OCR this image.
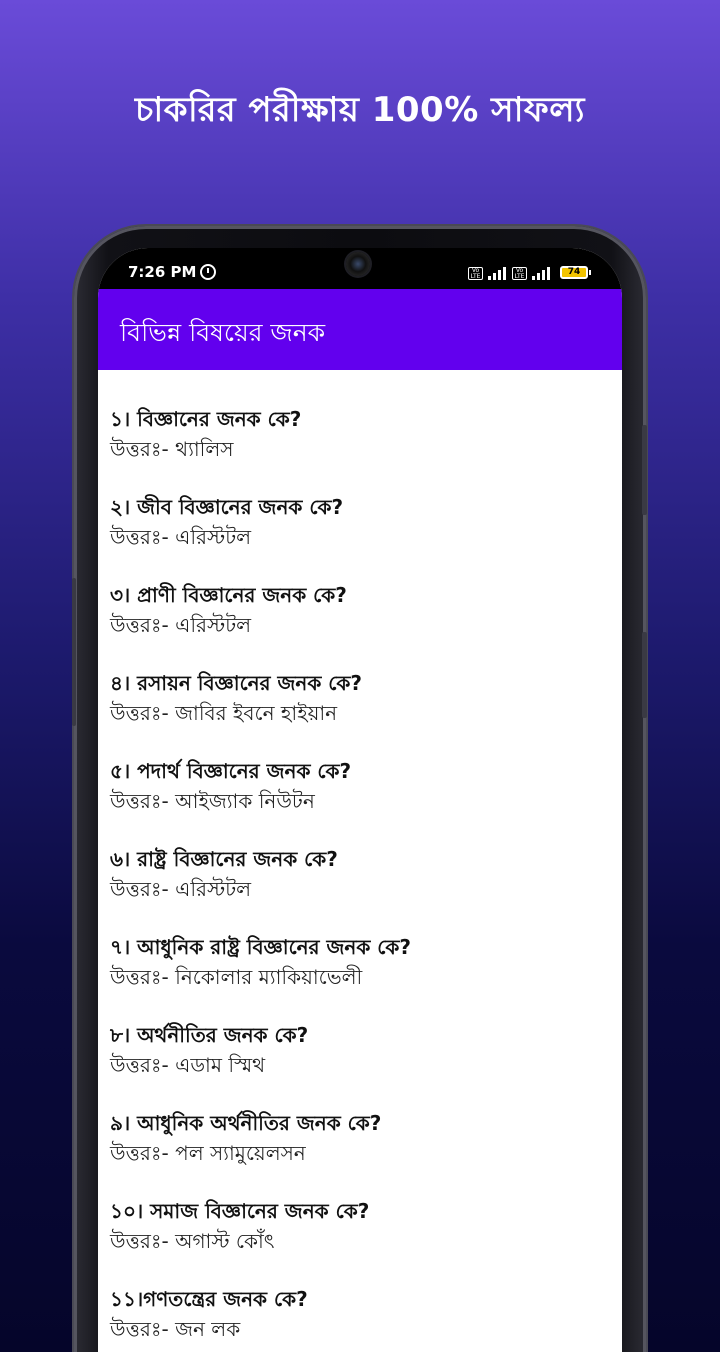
চাকরির পরীক্ষায় 100% সাফল্য
7:26 PM	Vo LTE
Vo LTE	74
বিভিন্ন বিষয়ের জনক
১। বিজ্ঞানের জনক কে?
উত্তরঃ- থ্যালিস
২। জীব বিজ্ঞানের জনক কে?
উত্তরঃ- এরিস্টটল
৩। প্রাণী বিজ্ঞানের জনক কে?
উত্তরঃ- এরিস্টটল
৪। রসায়ন বিজ্ঞানের জনক কে?
উত্তরঃ- জাবির ইবনে হাইয়ান
৫। পদার্থ বিজ্ঞানের জনক কে?
উত্তরঃ- আইজ্যাক নিউটন
৬। রাষ্ট্র বিজ্ঞানের জনক কে?
উত্তরঃ- এরিস্টটল
৭। আধুনিক রাষ্ট্র বিজ্ঞানের জনক কে?
উত্তরঃ- নিকোলার ম্যাকিয়াভেলী
৮। অর্থনীতির জনক কে?
উত্তরঃ- এডাম স্মিথ
৯। আধুনিক অর্থনীতির জনক কে?
উত্তরঃ- পল স্যামুয়েলসন
১০। সমাজ বিজ্ঞানের জনক কে?
উত্তরঃ- অগাস্ট কোঁৎ
১১।গণতন্ত্রের জনক কে?
উত্তরঃ- জন লক
